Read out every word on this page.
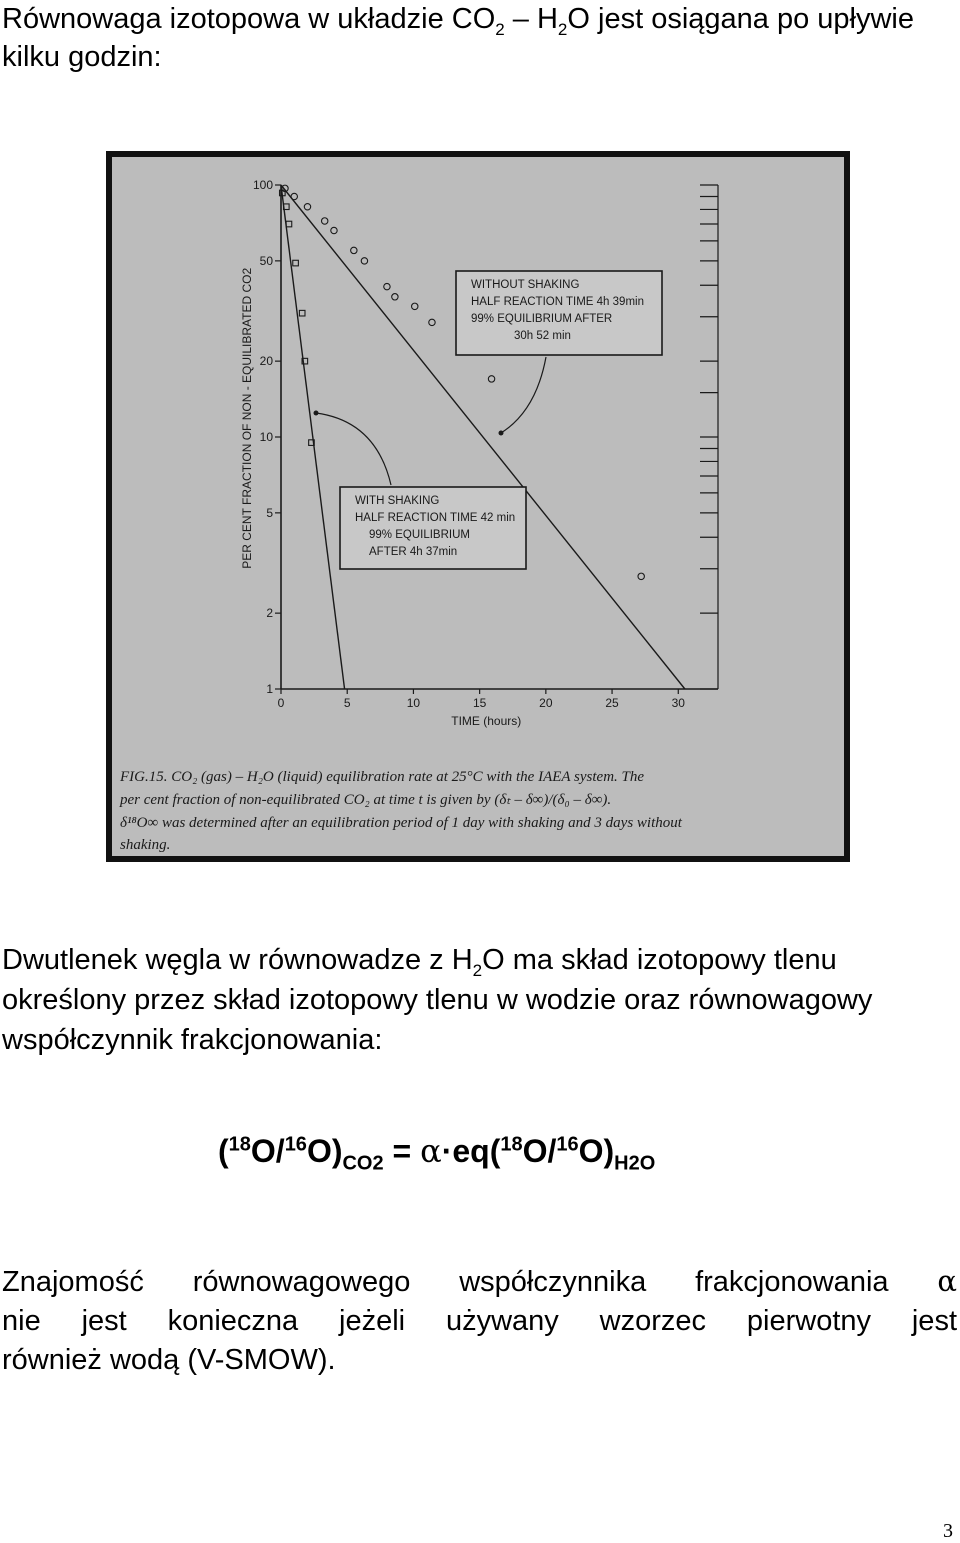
Równowaga izotopowa w układzie $CO_2 - H_2O$ jest osiągana po upływie kilku godzin:
100
50
20
10
5
2
1
0	5	10	15	20	25	30
TIME (hours)
PER CENT FRACTION OF NON - EQUILIBRATED CO2	WITHOUT SHAKING
HALF REACTION TIME 4h 39min
99% EQUILIBRIUM AFTER
30h 52 min
WITH SHAKING
HALF REACTION TIME 42 min
99% EQUILIBRIUM
AFTER 4h 37min
FIG.15. CO₂ (gas) – H₂O (liquid) equilibration rate at 25°C with the IAEA system. The
per cent fraction of non-equilibrated CO₂ at time t is given by (δₜ – δ∞)/(δ₀ – δ∞).
δ¹⁸O∞ was determined after an equilibration period of 1 day with shaking and 3 days without
shaking.
Dwutlenek węgla w równowadze z $H_2O$ ma skład izotopowy tlenu określony przez skład izotopowy tlenu w wodzie oraz równowagowy współczynnik frakcjonowania:
$(^{18}O/^{16}O)_{CO2} = \alpha\cdot eq(^{18}O/^{16}O)_{H2O}$
Znajomość równowagowego współczynnika frakcjonowania α
nie jest konieczna jeżeli używany wzorzec pierwotny jest
również wodą (V-SMOW).
3
